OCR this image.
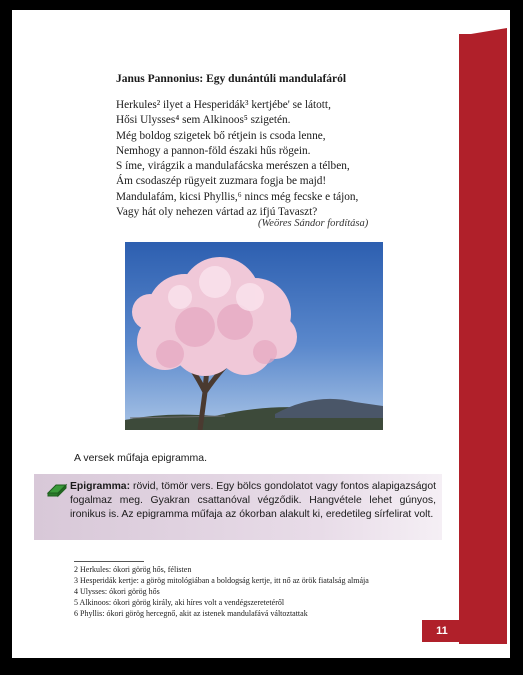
Janus Pannonius: Egy dunántúli mandulafáról
Herkules² ilyet a Hesperidák³ kertjébe' se látott,
Hősi Ulysses⁴ sem Alkinoos⁵ szigetén.
Még boldog szigetek bő rétjein is csoda lenne,
Nemhogy a pannon-föld északi hűs rögein.
S íme, virágzik a mandulafácska merészen a télben,
Ám csodaszép rügyeit zuzmara fogja be majd!
Mandulafám, kicsi Phyllis,⁶ nincs még fecske e tájon,
Vagy hát oly nehezen vártad az ifjú Tavaszt?
(Weöres Sándor fordítása)
A versek műfaja epigramma.
Epigramma: rövid, tömör vers. Egy bölcs gondolatot vagy fontos alapigazságot fogalmaz meg. Gyakran csattanóval végződik. Hangvétele lehet gúnyos, ironikus is. Az epigramma műfaja az ókorban alakult ki, eredetileg sírfelirat volt.
2 Herkules: ókori görög hős, félisten
3 Hesperidák kertje: a görög mitológiában a boldogság kertje, itt nő az örök fiatalság almája
4 Ulysses: ókori görög hős
5 Alkinoos: ókori görög király, aki híres volt a vendégszeretetéről
6 Phyllis: ókori görög hercegnő, akit az istenek mandulafává változtattak
11
